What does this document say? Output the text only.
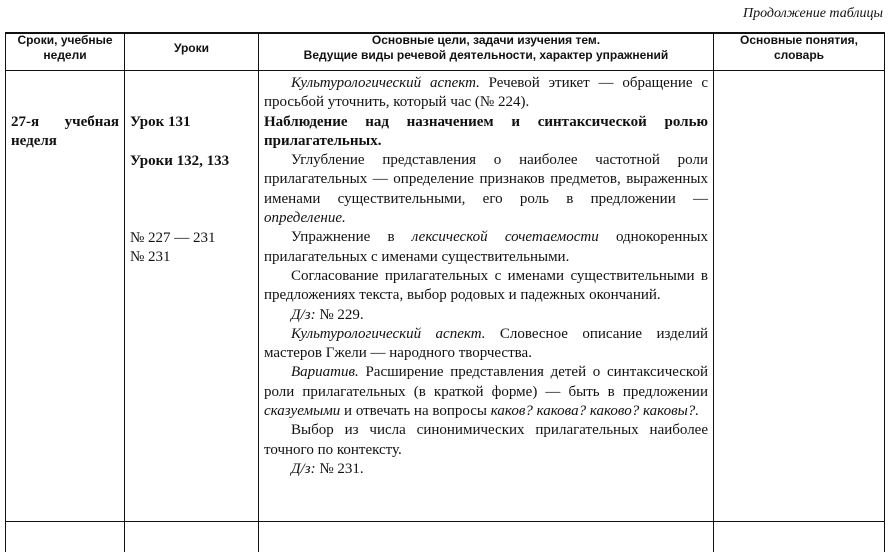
Продолжение таблицы
Сроки, учебные недели	Уроки
Основные цели, задачи изучения тем.
Ведущие виды речевой деятельности, характер упражнений
Основные понятия, словарь
27-я учебная неделя
Урок 131
Уроки 132, 133
№ 227 — 231
№ 231

Культурологический аспект. Речевой этикет — обращение с просьбой уточнить, который час (№ 224).

Наблюдение над назначением и синтаксической ролью прилагательных.

Углубление представления о наиболее частотной роли прилагательных — определение признаков предметов, выраженных именами существительными, его роль в предложении — определение.

Упражнение в лексической сочетаемости однокоренных прилагательных с именами существительными.

Согласование прилагательных с именами существительными в предложениях текста, выбор родовых и падежных окончаний.

Д/з: № 229.

Культурологический аспект. Словесное описание изделий мастеров Гжели — народного творчества.

Вариатив. Расширение представления детей о синтаксической роли прилагательных (в краткой форме) — быть в предложении сказуемыми и отвечать на вопросы каков? какова? каково? каковы?.

Выбор из числа синонимических прилагательных наиболее точного по контексту.

Д/з: № 231.
